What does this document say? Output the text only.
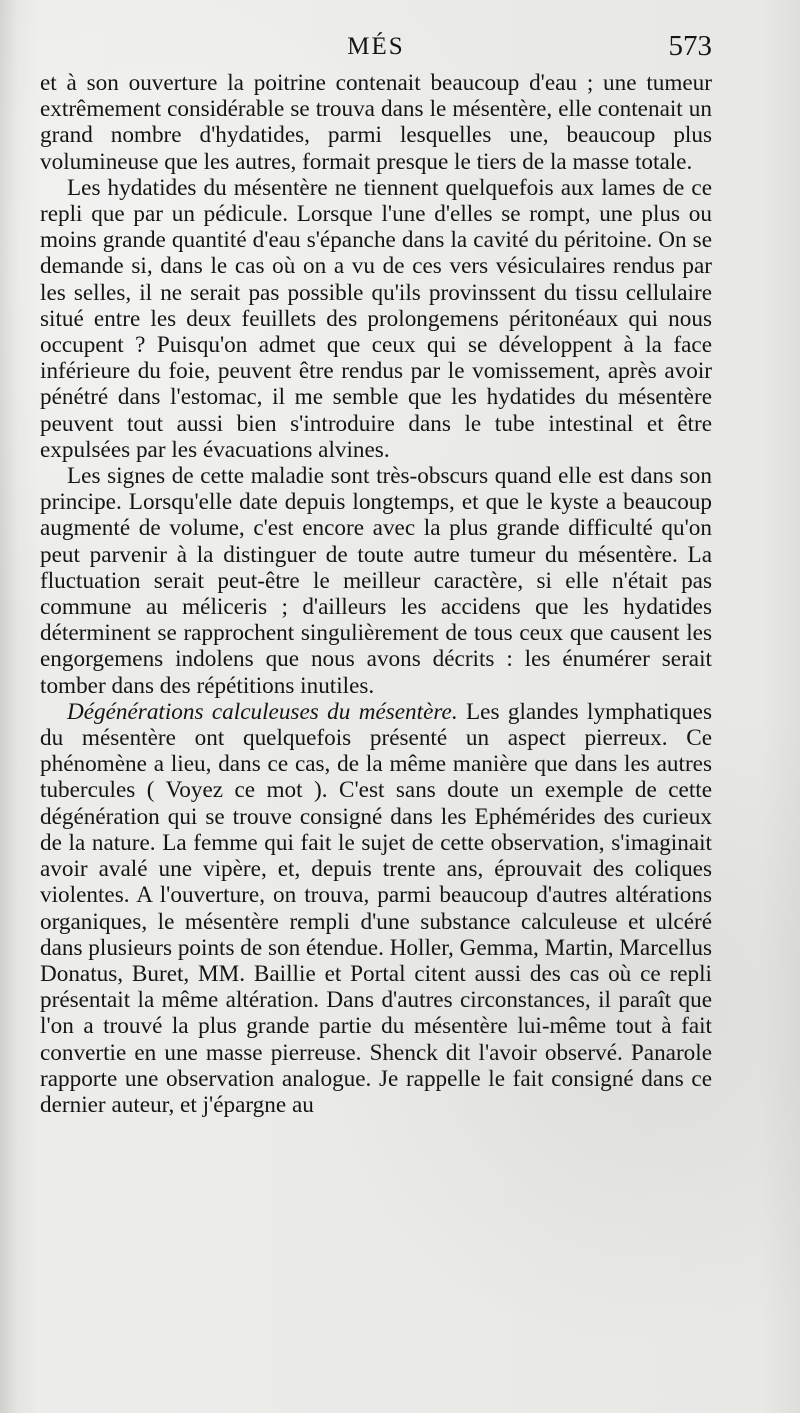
MÉS	573

et à son ouverture la poitrine contenait beaucoup d'eau ; une tumeur extrêmement considérable se trouva dans le mésentère, elle contenait un grand nombre d'hydatides, parmi lesquelles une, beaucoup plus volumineuse que les autres, formait presque le tiers de la masse totale.

Les hydatides du mésentère ne tiennent quelquefois aux lames de ce repli que par un pédicule. Lorsque l'une d'elles se rompt, une plus ou moins grande quantité d'eau s'épanche dans la cavité du péritoine. On se demande si, dans le cas où on a vu de ces vers vésiculaires rendus par les selles, il ne serait pas possible qu'ils provinssent du tissu cellulaire situé entre les deux feuillets des prolongemens péritonéaux qui nous occupent ? Puisqu'on admet que ceux qui se développent à la face inférieure du foie, peuvent être rendus par le vomissement, après avoir pénétré dans l'estomac, il me semble que les hydatides du mésentère peuvent tout aussi bien s'introduire dans le tube intestinal et être expulsées par les évacuations alvines.

Les signes de cette maladie sont très-obscurs quand elle est dans son principe. Lorsqu'elle date depuis longtemps, et que le kyste a beaucoup augmenté de volume, c'est encore avec la plus grande difficulté qu'on peut parvenir à la distinguer de toute autre tumeur du mésentère. La fluctuation serait peut-être le meilleur caractère, si elle n'était pas commune au méliceris ; d'ailleurs les accidens que les hydatides déterminent se rapprochent singulièrement de tous ceux que causent les engorgemens indolens que nous avons décrits : les énumérer serait tomber dans des répétitions inutiles.

Dégénérations calculeuses du mésentère. Les glandes lymphatiques du mésentère ont quelquefois présenté un aspect pierreux. Ce phénomène a lieu, dans ce cas, de la même manière que dans les autres tubercules ( Voyez ce mot ). C'est sans doute un exemple de cette dégénération qui se trouve consigné dans les Ephémérides des curieux de la nature. La femme qui fait le sujet de cette observation, s'imaginait avoir avalé une vipère, et, depuis trente ans, éprouvait des coliques violentes. A l'ouverture, on trouva, parmi beaucoup d'autres altérations organiques, le mésentère rempli d'une substance calculeuse et ulcéré dans plusieurs points de son étendue. Holler, Gemma, Martin, Marcellus Donatus, Buret, MM. Baillie et Portal citent aussi des cas où ce repli présentait la même altération. Dans d'autres circonstances, il paraît que l'on a trouvé la plus grande partie du mésentère lui-même tout à fait convertie en une masse pierreuse. Shenck dit l'avoir observé. Panarole rapporte une observation analogue. Je rappelle le fait consigné dans ce dernier auteur, et j'épargne au
